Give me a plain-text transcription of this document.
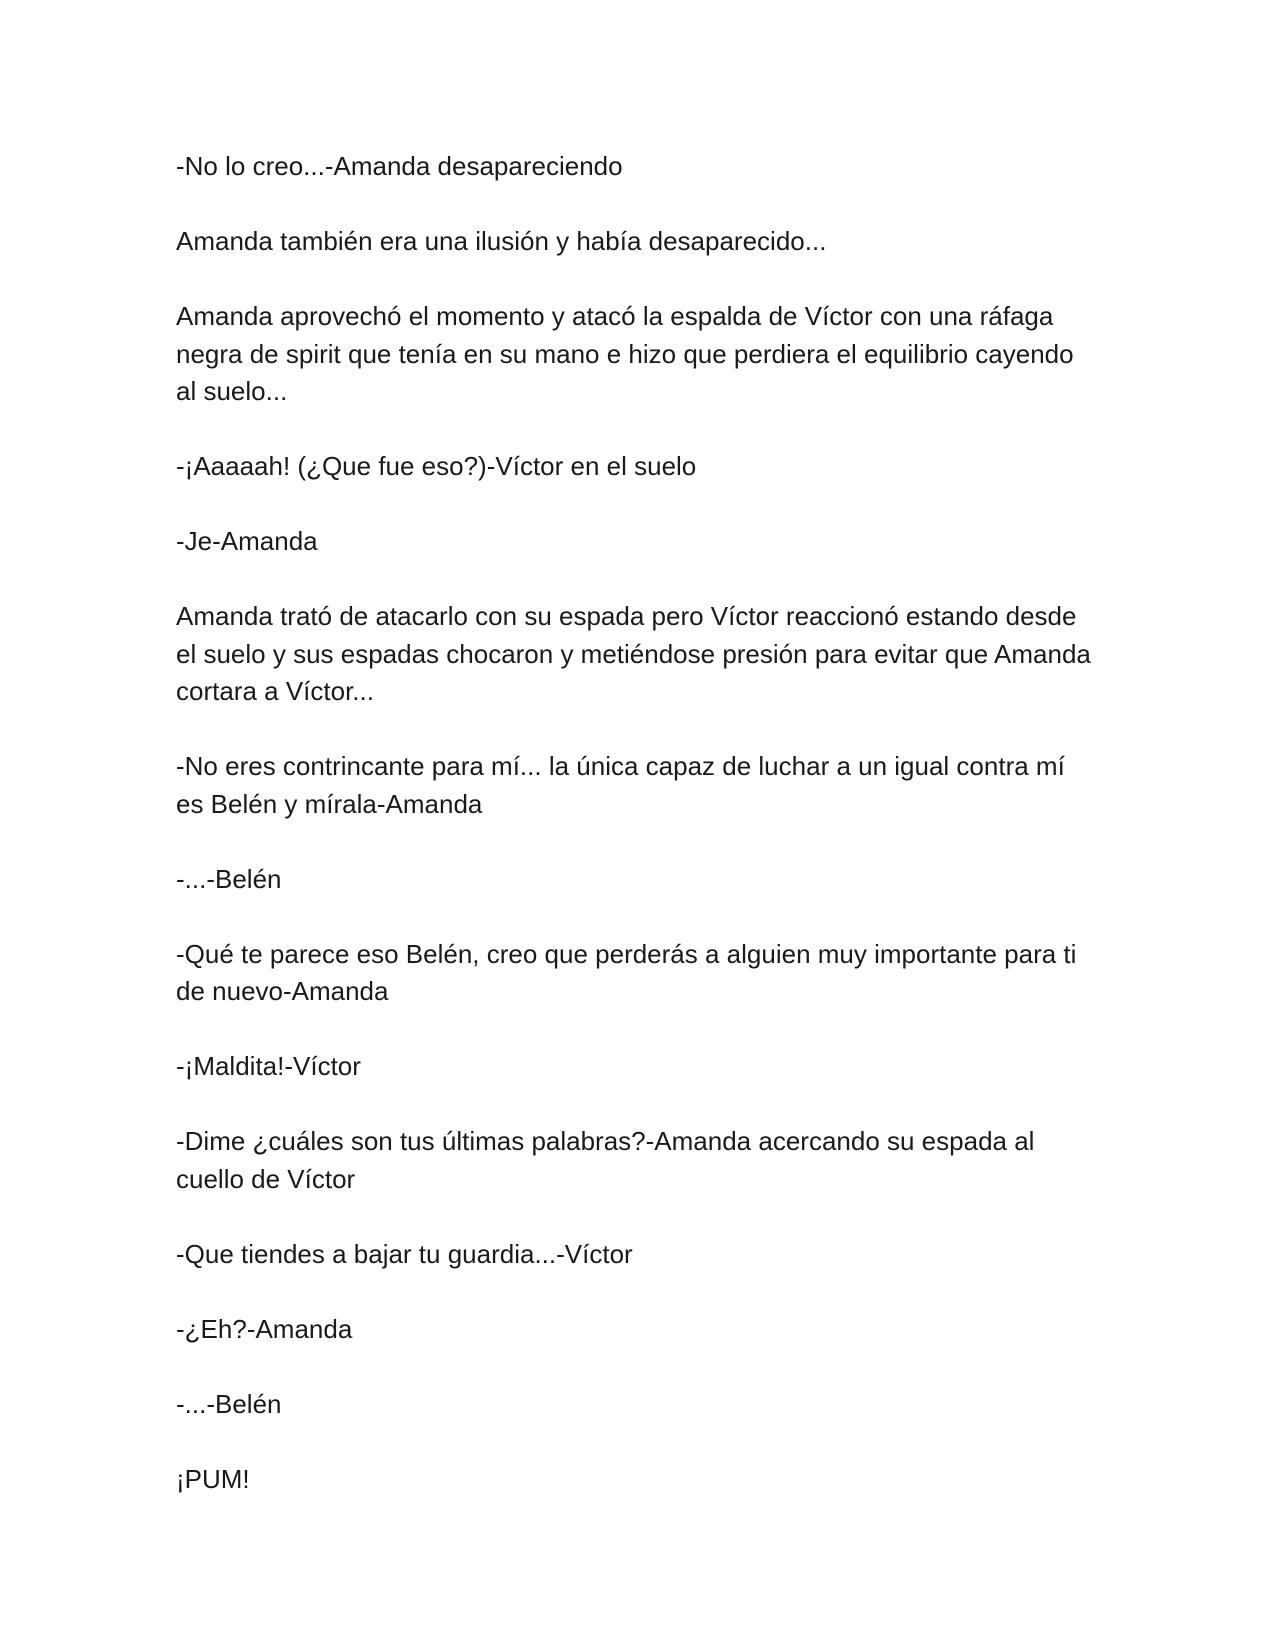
-No lo creo...-Amanda desapareciendo

Amanda también era una ilusión y había desaparecido...

Amanda aprovechó el momento y atacó la espalda de Víctor con una ráfaga negra de spirit que tenía en su mano e hizo que perdiera el equilibrio cayendo al suelo...

-¡Aaaaah! (¿Que fue eso?)-Víctor en el suelo

-Je-Amanda

Amanda trató de atacarlo con su espada pero Víctor reaccionó estando desde el suelo y sus espadas chocaron y metiéndose presión para evitar que Amanda cortara a Víctor...

-No eres contrincante para mí... la única capaz de luchar a un igual contra mí es Belén y mírala-Amanda

-...-Belén

-Qué te parece eso Belén, creo que perderás a alguien muy importante para ti de nuevo-Amanda

-¡Maldita!-Víctor

-Dime ¿cuáles son tus últimas palabras?-Amanda acercando su espada al cuello de Víctor

-Que tiendes a bajar tu guardia...-Víctor

-¿Eh?-Amanda

-...-Belén

¡PUM!
